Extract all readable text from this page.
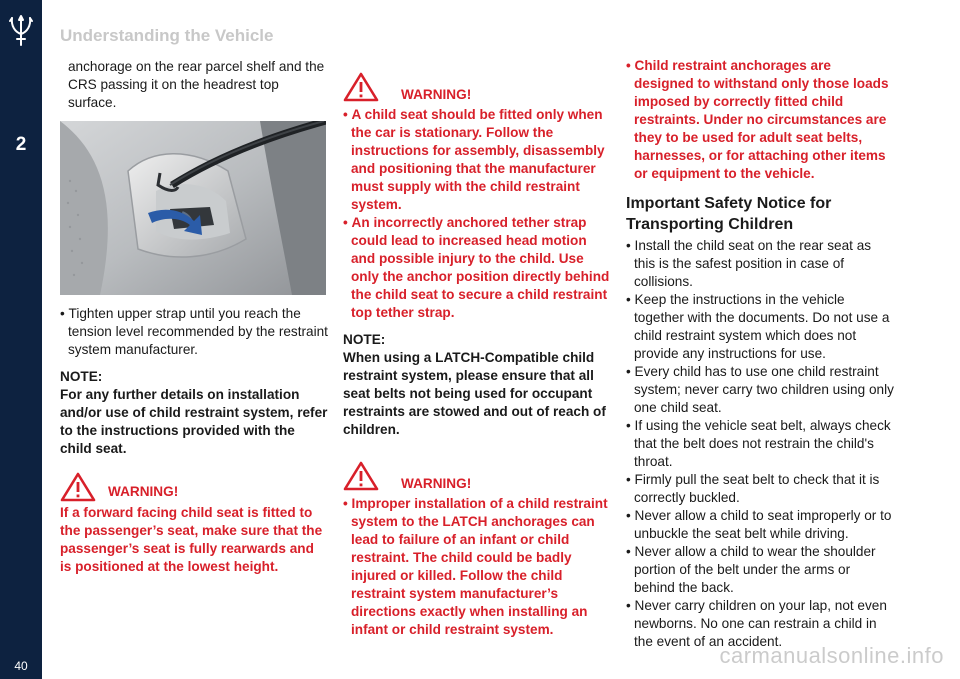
2
40
Understanding the Vehicle

anchorage on the rear parcel shelf and the CRS passing it on the headrest top surface.

• Tighten upper strap until you reach the tension level recommended by the restraint system manufacturer.

NOTE:

For any further details on installation and/or use of child restraint system, refer to the instructions provided with the child seat.

WARNING!

If a forward facing child seat is fitted to the passenger’s seat, make sure that the passenger’s seat is fully rearwards and is positioned at the lowest height.

WARNING!

• A child seat should be fitted only when the car is stationary. Follow the instructions for assembly, disassembly and positioning that the manufacturer must supply with the child restraint system.

• An incorrectly anchored tether strap could lead to increased head motion and possible injury to the child. Use only the anchor position directly behind the child seat to secure a child restraint top tether strap.

NOTE:

When using a LATCH-Compatible child restraint system, please ensure that all seat belts not being used for occupant restraints are stowed and out of reach of children.

WARNING!

• Improper installation of a child restraint system to the LATCH anchorages can lead to failure of an infant or child restraint. The child could be badly injured or killed. Follow the child restraint system manufacturer’s directions exactly when installing an infant or child restraint system.

• Child restraint anchorages are designed to withstand only those loads imposed by correctly fitted child restraints. Under no circumstances are they to be used for adult seat belts, harnesses, or for attaching other items or equipment to the vehicle.

Important Safety Notice for Transporting Children

• Install the child seat on the rear seat as this is the safest position in case of collisions.

• Keep the instructions in the vehicle together with the documents. Do not use a child restraint system which does not provide any instructions for use.

• Every child has to use one child restraint system; never carry two children using only one child seat.

• If using the vehicle seat belt, always check that the belt does not restrain the child's throat.

• Firmly pull the seat belt to check that it is correctly buckled.

• Never allow a child to seat improperly or to unbuckle the seat belt while driving.

• Never allow a child to wear the shoulder portion of the belt under the arms or behind the back.

• Never carry children on your lap, not even newborns. No one can restrain a child in the event of an accident.

carmanualsonline.info
